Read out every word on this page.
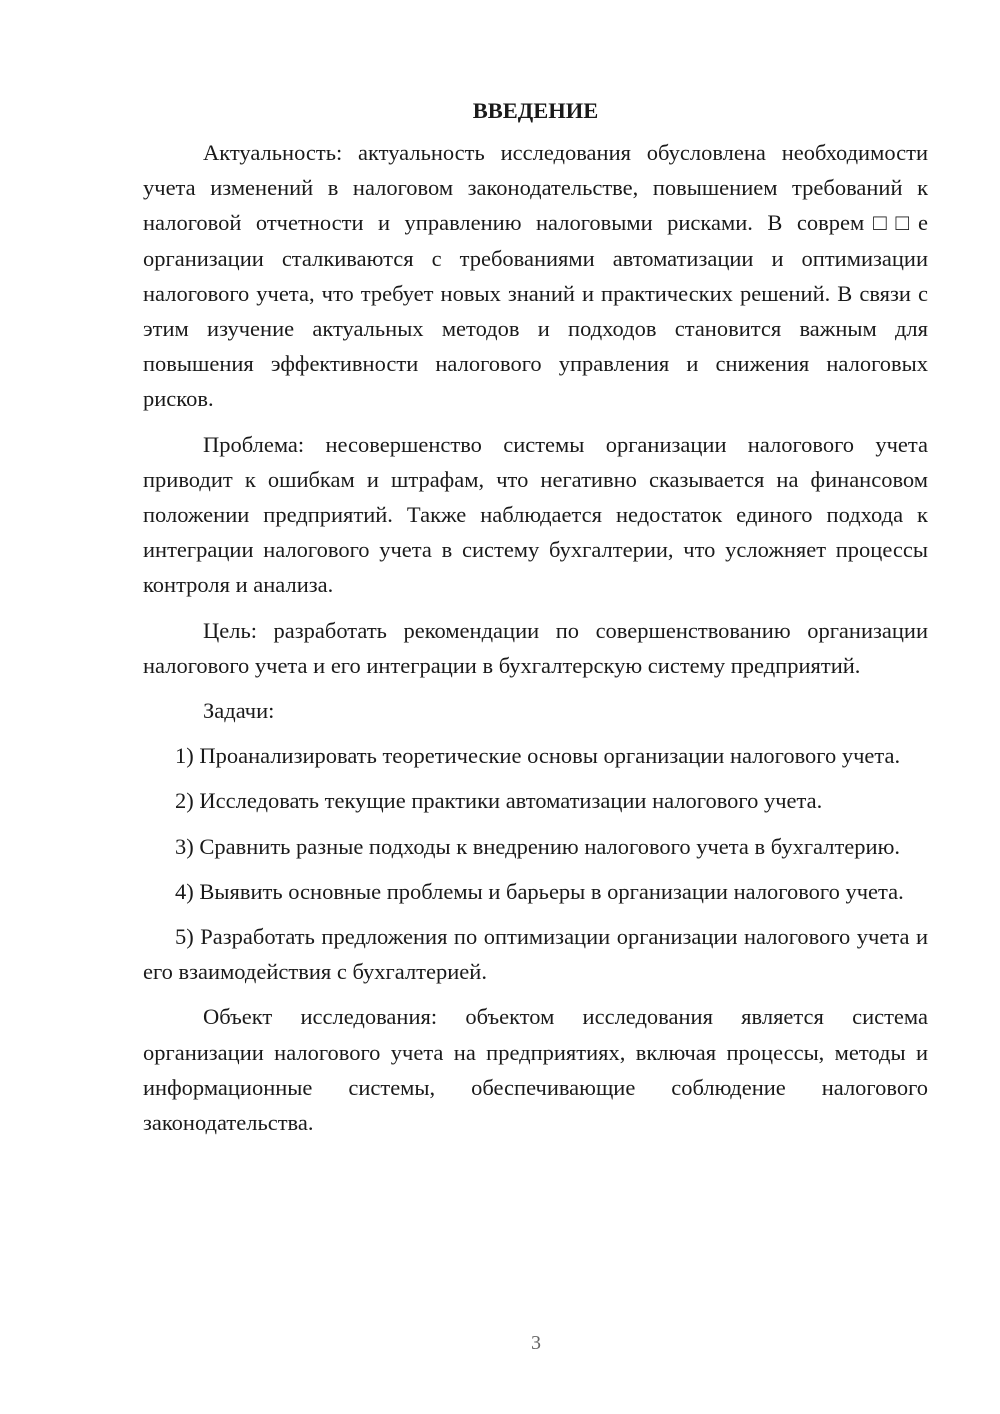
ВВЕДЕНИЕ

Актуальность: актуальность исследования обусловлена необходимости учета изменений в налоговом законодательстве, повышением требований к налоговой отчетности и управлению налоговыми рисками. В соврем□□е организации сталкиваются с требованиями автоматизации и оптимизации налогового учета, что требует новых знаний и практических решений. В связи с этим изучение актуальных методов и подходов становится важным для повышения эффективности налогового управления и снижения налоговых рисков.

Проблема: несовершенство системы организации налогового учета приводит к ошибкам и штрафам, что негативно сказывается на финансовом положении предприятий. Также наблюдается недостаток единого подхода к интеграции налогового учета в систему бухгалтерии, что усложняет процессы контроля и анализа.

Цель: разработать рекомендации по совершенствованию организации налогового учета и его интеграции в бухгалтерскую систему предприятий.

Задачи:

1) Проанализировать теоретические основы организации налогового учета.

2) Исследовать текущие практики автоматизации налогового учета.

3) Сравнить разные подходы к внедрению налогового учета в бухгалтерию.

4) Выявить основные проблемы и барьеры в организации налогового учета.

5) Разработать предложения по оптимизации организации налогового учета и его взаимодействия с бухгалтерией.

Объект исследования: объектом исследования является система организации налогового учета на предприятиях, включая процессы, методы и информационные системы, обеспечивающие соблюдение налогового законодательства.

3
